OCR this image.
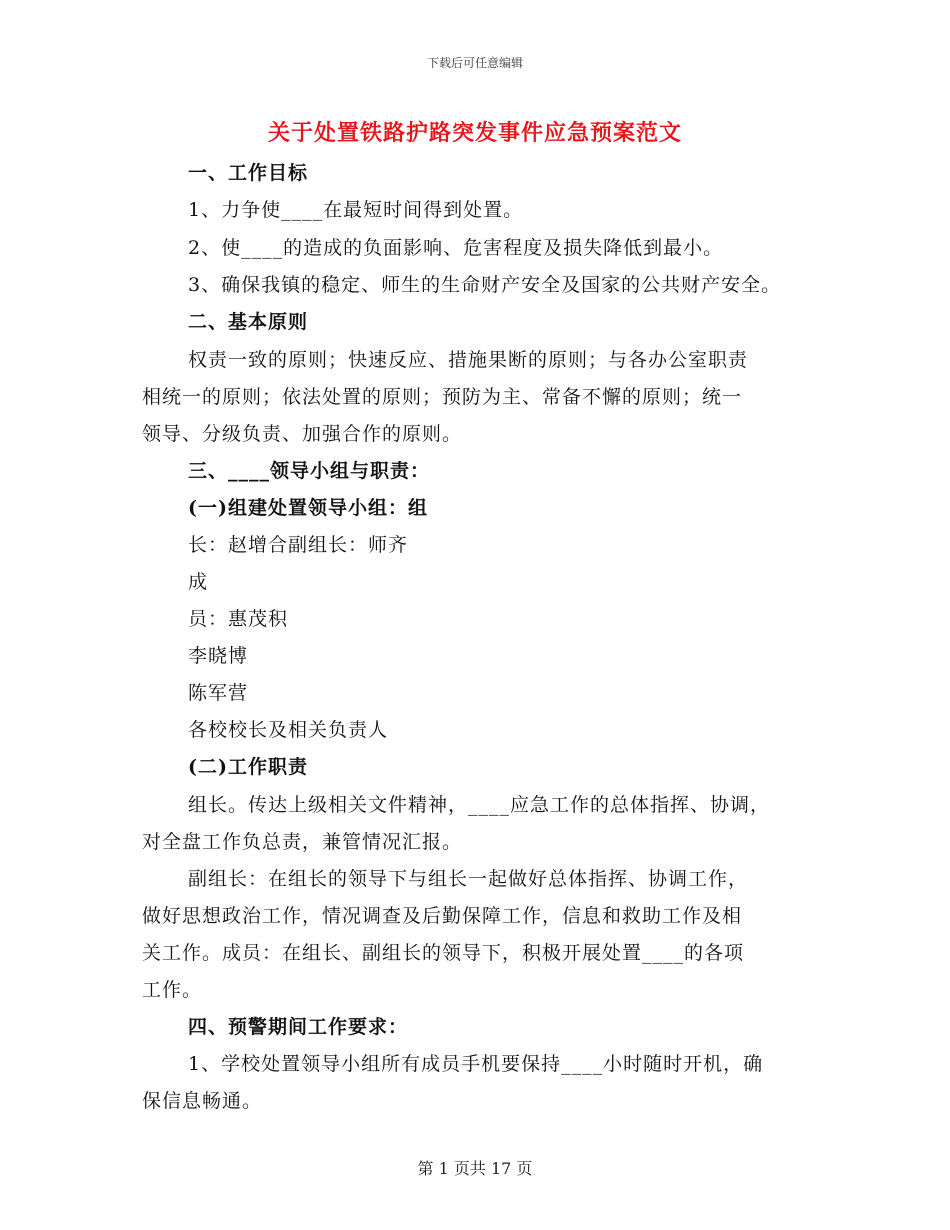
下载后可任意编辑
关于处置铁路护路突发事件应急预案范文
一、工作目标
1、力争使____在最短时间得到处置。
2、使____的造成的负面影响、危害程度及损失降低到最小。
3、确保我镇的稳定、师生的生命财产安全及国家的公共财产安全。
二、基本原则
权责一致的原则；快速反应、措施果断的原则；与各办公室职责
相统一的原则；依法处置的原则；预防为主、常备不懈的原则；统一
领导、分级负责、加强合作的原则。
三、____领导小组与职责：
(一)组建处置领导小组：组
长：赵增合副组长：师齐
成
员：惠茂积
李晓博
陈军营
各校校长及相关负责人
(二)工作职责
组长。传达上级相关文件精神，____应急工作的总体指挥、协调，
对全盘工作负总责，兼管情况汇报。
副组长：在组长的领导下与组长一起做好总体指挥、协调工作，
做好思想政治工作，情况调查及后勤保障工作，信息和救助工作及相
关工作。成员：在组长、副组长的领导下，积极开展处置____的各项
工作。
四、预警期间工作要求：
1、学校处置领导小组所有成员手机要保持____小时随时开机，确
保信息畅通。
第 1 页共 17 页
